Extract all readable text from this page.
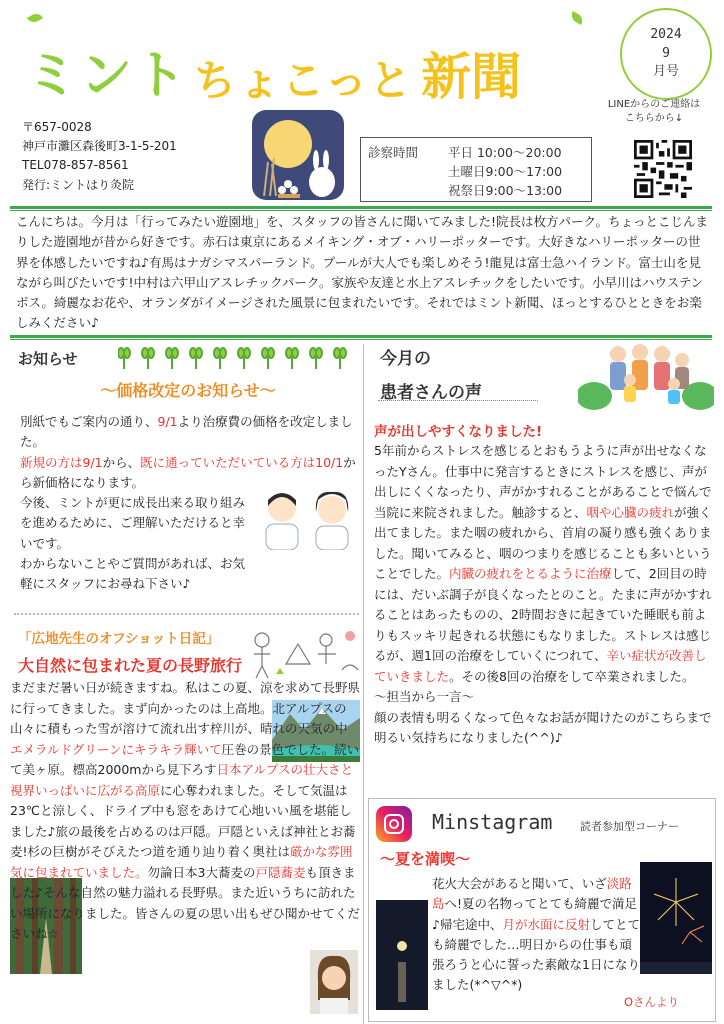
ミント ちょこっと 新聞
2024
9
月号
LINEからのご連絡は
こちらから↓
〒657-0028
神戸市灘区森後町3-1-5-201
TEL078-857-8561
発行:ミントはり灸院
診察時間 平日 10:00～20:00
土曜日9:00～17:00
祝祭日9:00～13:00
こんにちは。今月は「行ってみたい遊園地」を、スタッフの皆さんに聞いてみました!院長は枚方パーク。ちょっとこじんまりした遊園地が昔から好きです。赤石は東京にあるメイキング・オブ・ハリーポッターです。大好きなハリーポッターの世界を体感したいですね♪有馬はナガシマスパーランド。プールが大人でも楽しめそう!龍見は富士急ハイランド。富士山を見ながら叫びたいです!中村は六甲山アスレチックパーク。家族や友達と水上アスレチックをしたいです。小早川はハウステンボス。綺麗なお花や、オランダがイメージされた風景に包まれたいです。それではミント新聞、ほっとするひとときをお楽しみください♪
お知らせ
～価格改定のお知らせ～
別紙でもご案内の通り、9/1より治療費の価格を改定しました。
新規の方は9/1から、既に通っていただいている方は10/1から新価格になります。
今後、ミントが更に成長出来る取り組みを進めるために、ご理解いただけると幸いです。
わからないことやご質問があれば、お気軽にスタッフにお尋ね下さい♪
「広地先生のオフショット日記」
大自然に包まれた夏の長野旅行
まだまだ暑い日が続きますね。私はこの夏、涼を求めて長野県に行ってきました。まず向かったのは上高地。北アルプスの山々に積もった雪が溶けて流れ出す梓川が、晴れの天気の中エメラルドグリーンにキラキラ輝いて圧巻の景色でした。続いて美ヶ原。標高2000mから見下ろす日本アルプスの壮大さと視界いっぱいに広がる高原に心奪われました。そして気温は23℃と涼しく、ドライブ中も窓をあけて心地いい風を堪能しました♪旅の最後を占めるのは戸隠。戸隠といえば神社とお蕎麦!杉の巨樹がそびえたつ道を通り辿り着く奥社は厳かな雰囲気に包まれていました。勿論日本3大蕎麦の戸隠蕎麦も頂きました♪そんな自然の魅力溢れる長野県。また近いうちに訪れたい場所になりました。皆さんの夏の思い出もぜひ聞かせてくださいね☆
今月の
患者さんの声
声が出しやすくなりました!
5年前からストレスを感じるとおもうように声が出せなくなったYさん。仕事中に発言するときにストレスを感じ、声が出しにくくなったり、声がかすれることがあることで悩んで当院に来院されました。触診すると、咽や心臓の疲れが強く出てました。また咽の疲れから、首肩の凝り感も強くありました。聞いてみると、咽のつまりを感じることも多いということでした。内臓の疲れをとるように治療して、2回目の時には、だいぶ調子が良くなったとのこと。たまに声がかすれることはあったものの、2時間おきに起きていた睡眠も前よりもスッキリ起きれる状態にもなりました。ストレスは感じるが、週1回の治療をしていくにつれて、辛い症状が改善していきました。その後8回の治療をして卒業されました。
～担当から一言～
顔の表情も明るくなって色々なお話が聞けたのがこちらまで明るい気持ちになりました(^^)♪
Minstagram	読者参加型コーナー
～夏を満喫～
花火大会があると聞いて、いざ淡路島へ!夏の名物ってとても綺麗で満足♪帰宅途中、月が水面に反射してとても綺麗でした…明日からの仕事も頑張ろうと心に誓った素敵な1日になりました(*^▽^*)
Oさんより
